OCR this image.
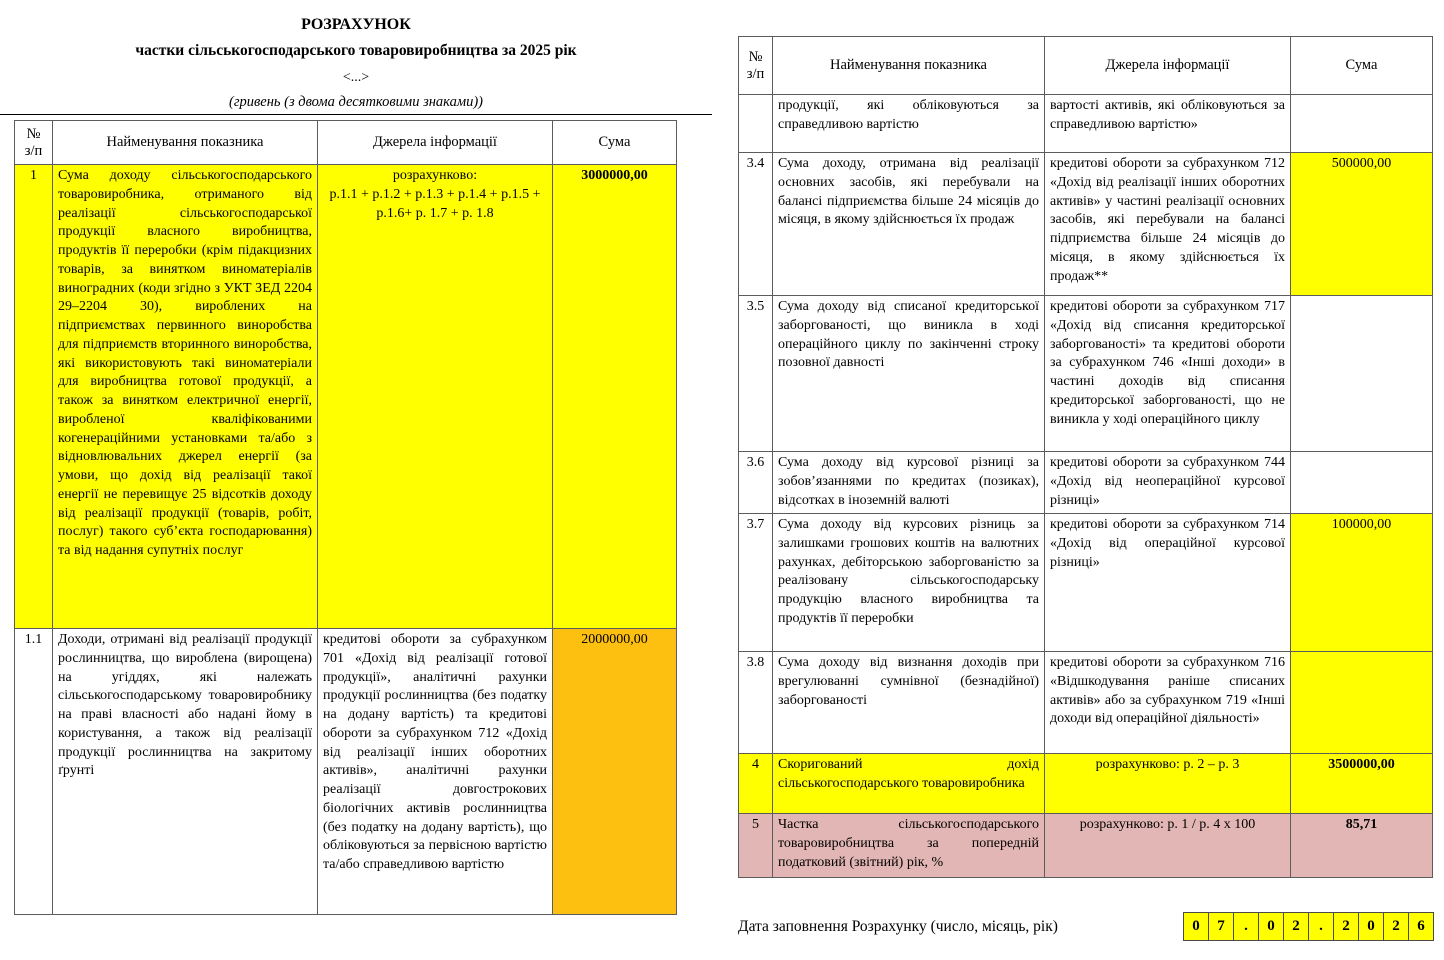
РОЗРАХУНОК
частки сільськогосподарського товаровиробництва за 2025 рік
<...>
(гривень (з двома десятковими знаками))
№
з/п	Найменування показника	Джерела інформації	Сума
1	Сума доходу сільськогосподарського товаровиробника, отриманого від реалізації сільськогосподарської продукції власного виробництва, продуктів її переробки (крім підакцизних товарів, за винятком виноматеріалів виноградних (коди згідно з УКТ ЗЕД 2204 29–2204 30), вироблених на підприємствах первинного виноробства для підприємств вторинного виноробства, які використовують такі виноматеріали для виробництва готової продукції, а також за винятком електричної енергії, виробленої кваліфікованими когенераційними установками та/або з відновлювальних джерел енергії (за умови, що дохід від реалізації такої енергії не перевищує 25 відсотків доходу від реалізації продукції (товарів, робіт, послуг) такого суб’єкта господарювання) та від надання супутніх послуг	розрахунково:
р.1.1 + р.1.2 + р.1.3 + р.1.4 + р.1.5 + р.1.6+ р. 1.7 + р. 1.8	3000000,00
1.1	Доходи, отримані від реалізації продукції рослинництва, що вироблена (вирощена) на угіддях, які належать сільськогосподарському товаровиробнику на праві власності або надані йому в користування, а також від реалізації продукції рослинництва на закритому ґрунті	кредитові обороти за субрахунком 701 «Дохід від реалізації готової продукції», аналітичні рахунки продукції рослинництва (без податку на додану вартість) та кредитові обороти за субрахунком 712 «Дохід від реалізації інших оборотних активів», аналітичні рахунки реалізації довгострокових біологічних активів рослинництва (без податку на додану вартість), що обліковуються за первісною вартістю та/або справедливою вартістю	2000000,00
№
з/п	Найменування показника	Джерела інформації	Сума
	продукції, які обліковуються за справедливою вартістю	вартості активів, які обліковуються за справедливою вартістю»	
3.4	Сума доходу, отримана від реалізації основних засобів, які перебували на балансі підприємства більше 24 місяців до місяця, в якому здійснюється їх продаж	кредитові обороти за субрахунком 712 «Дохід від реалізації інших оборотних активів» у частині реалізації основних засобів, які перебували на балансі підприємства більше 24 місяців до місяця, в якому здійснюється їх продаж**	500000,00
3.5	Сума доходу від списаної кредиторської заборгованості, що виникла в ході операційного циклу по закінченні строку позовної давності	кредитові обороти за субрахунком 717 «Дохід від списання кредиторської заборгованості» та кредитові обороти за субрахунком 746 «Інші доходи» в частині доходів від списання кредиторської заборгованості, що не виникла у ході операційного циклу	
3.6	Сума доходу від курсової різниці за зобов’язаннями по кредитах (позиках), відсотках в іноземній валюті	кредитові обороти за субрахунком 744 «Дохід від неопераційної курсової різниці»	
3.7	Сума доходу від курсових різниць за залишками грошових коштів на валютних рахунках, дебіторською заборгованістю за реалізовану сільськогосподарську продукцію власного виробництва та продуктів її переробки	кредитові обороти за субрахунком 714 «Дохід від операційної курсової різниці»	100000,00
3.8	Сума доходу від визнання доходів при врегулюванні сумнівної (безнадійної) заборгованості	кредитові обороти за субрахунком 716 «Відшкодування раніше списаних активів» або за субрахунком 719 «Інші доходи від операційної діяльності»	
4	Скоригований дохід сільськогосподарського товаровиробника	розрахунково: р. 2 – р. 3	3500000,00
5	Частка сільськогосподарського товаровиробництва за попередній податковий (звітний) рік, %	розрахунково: р. 1 / р. 4 х 100	85,71
Дата заповнення Розрахунку (число, місяць, рік)	0	7	.	0	2	.	2	0	2	6
